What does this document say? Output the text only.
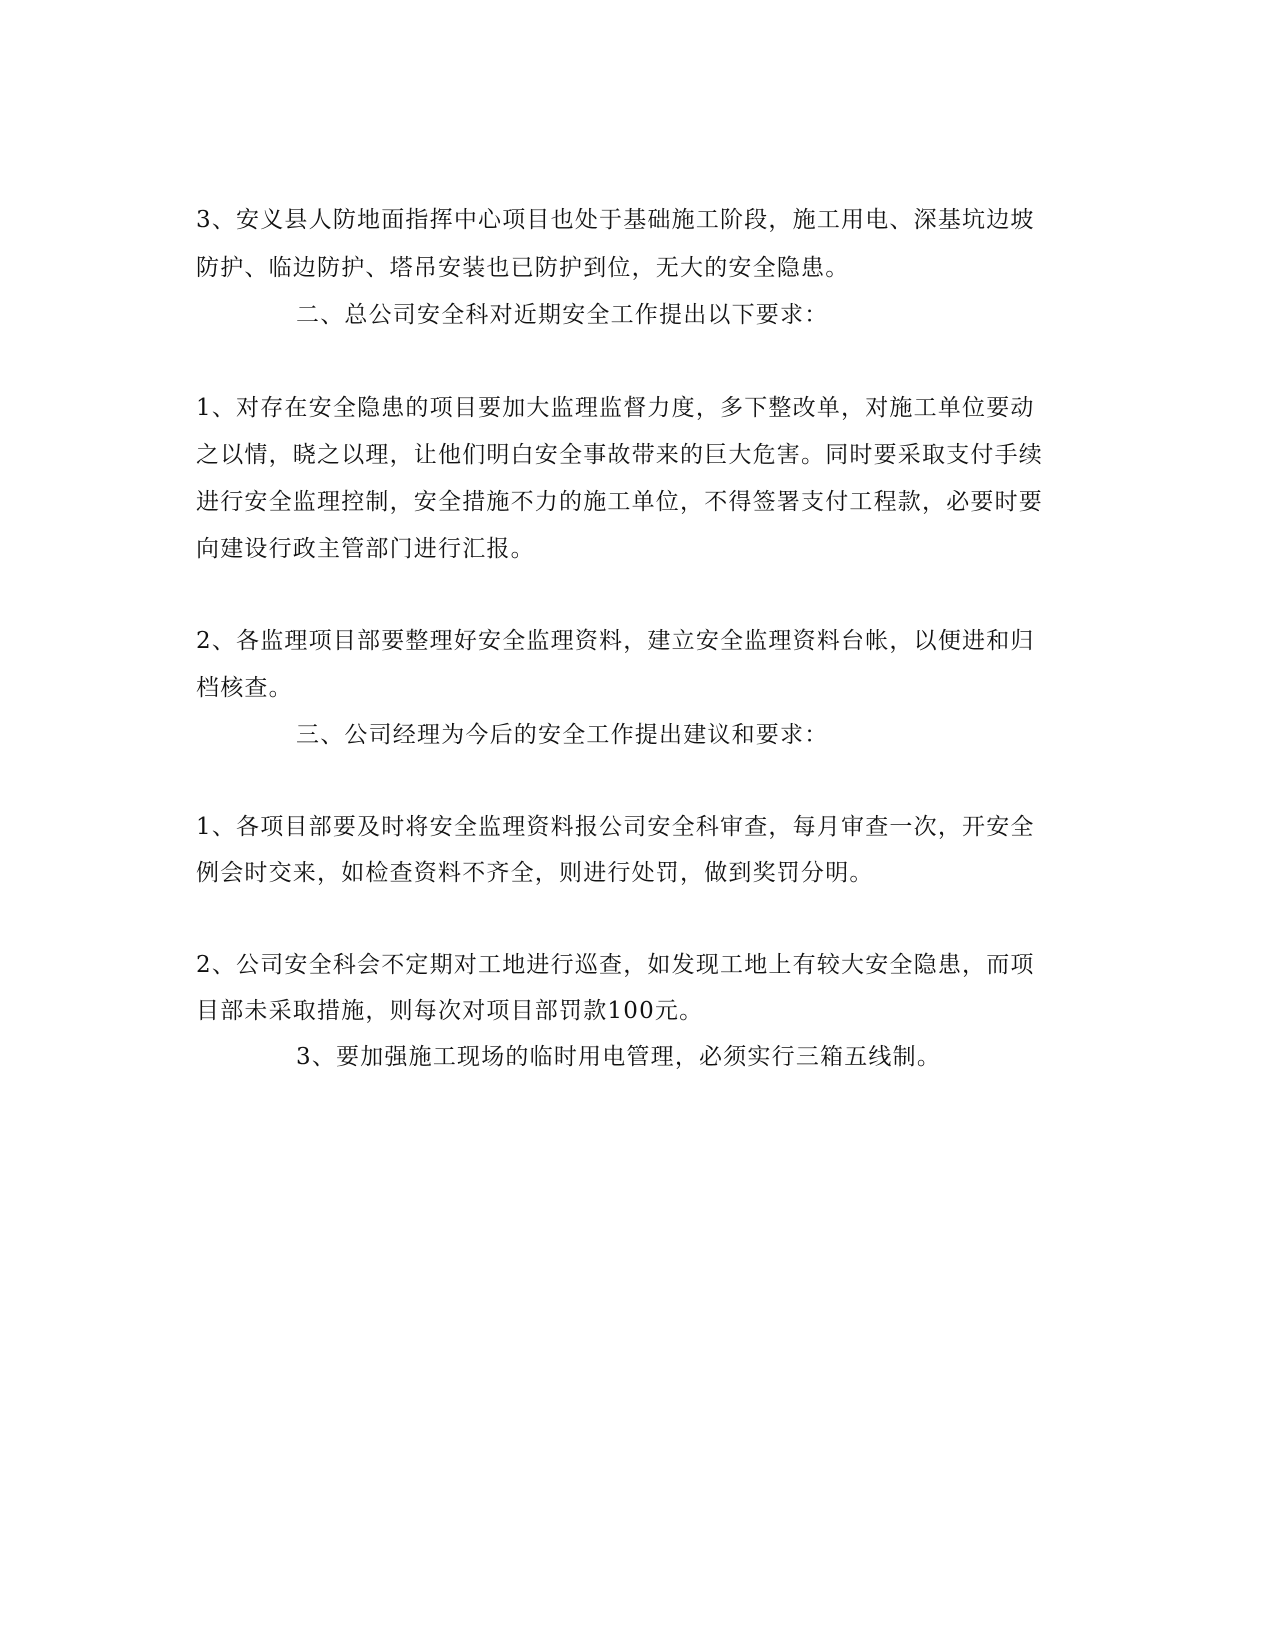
3、安义县人防地面指挥中心项目也处于基础施工阶段，施工用电、深基坑边坡
防护、临边防护、塔吊安装也已防护到位，无大的安全隐患。
二、总公司安全科对近期安全工作提出以下要求：
1、对存在安全隐患的项目要加大监理监督力度，多下整改单，对施工单位要动
之以情，晓之以理，让他们明白安全事故带来的巨大危害。同时要采取支付手续
进行安全监理控制，安全措施不力的施工单位，不得签署支付工程款，必要时要
向建设行政主管部门进行汇报。
2、各监理项目部要整理好安全监理资料，建立安全监理资料台帐，以便进和归
档核查。
三、公司经理为今后的安全工作提出建议和要求：
1、各项目部要及时将安全监理资料报公司安全科审查，每月审查一次，开安全
例会时交来，如检查资料不齐全，则进行处罚，做到奖罚分明。
2、公司安全科会不定期对工地进行巡查，如发现工地上有较大安全隐患，而项
目部未采取措施，则每次对项目部罚款100元。
3、要加强施工现场的临时用电管理，必须实行三箱五线制。
